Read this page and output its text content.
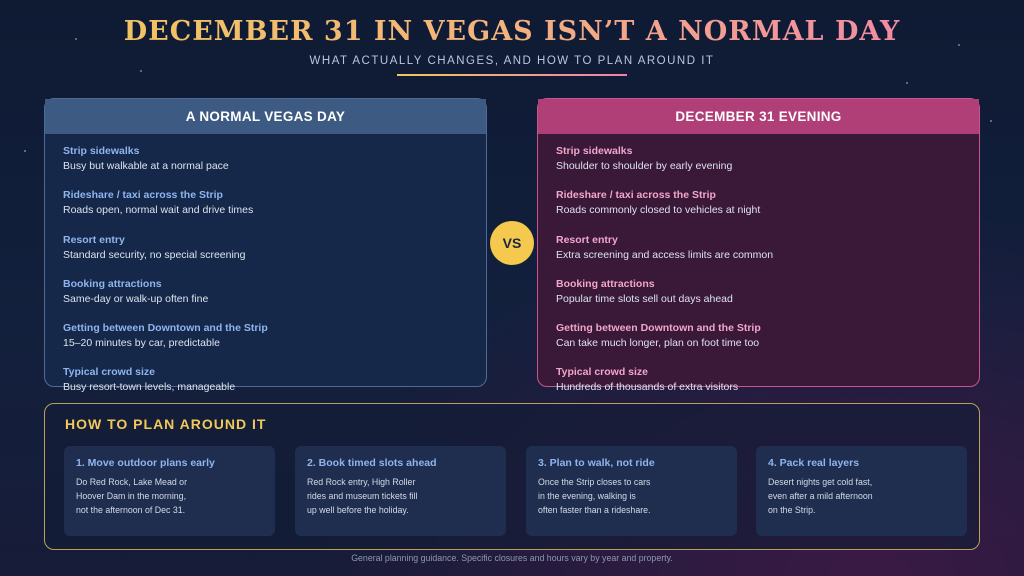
DECEMBER 31 IN VEGAS ISN’T A NORMAL DAY
WHAT ACTUALLY CHANGES, AND HOW TO PLAN AROUND IT
A NORMAL VEGAS DAY
Strip sidewalks
Busy but walkable at a normal pace
Rideshare / taxi across the Strip
Roads open, normal wait and drive times
Resort entry
Standard security, no special screening
Booking attractions
Same-day or walk-up often fine
Getting between Downtown and the Strip
15–20 minutes by car, predictable
Typical crowd size
Busy resort-town levels, manageable
VS
DECEMBER 31 EVENING
Strip sidewalks
Shoulder to shoulder by early evening
Rideshare / taxi across the Strip
Roads commonly closed to vehicles at night
Resort entry
Extra screening and access limits are common
Booking attractions
Popular time slots sell out days ahead
Getting between Downtown and the Strip
Can take much longer, plan on foot time too
Typical crowd size
Hundreds of thousands of extra visitors
HOW TO PLAN AROUND IT
1. Move outdoor plans early
Do Red Rock, Lake Mead or
Hoover Dam in the morning,
not the afternoon of Dec 31.
2. Book timed slots ahead
Red Rock entry, High Roller
rides and museum tickets fill
up well before the holiday.
3. Plan to walk, not ride
Once the Strip closes to cars
in the evening, walking is
often faster than a rideshare.
4. Pack real layers
Desert nights get cold fast,
even after a mild afternoon
on the Strip.
General planning guidance. Specific closures and hours vary by year and property.
